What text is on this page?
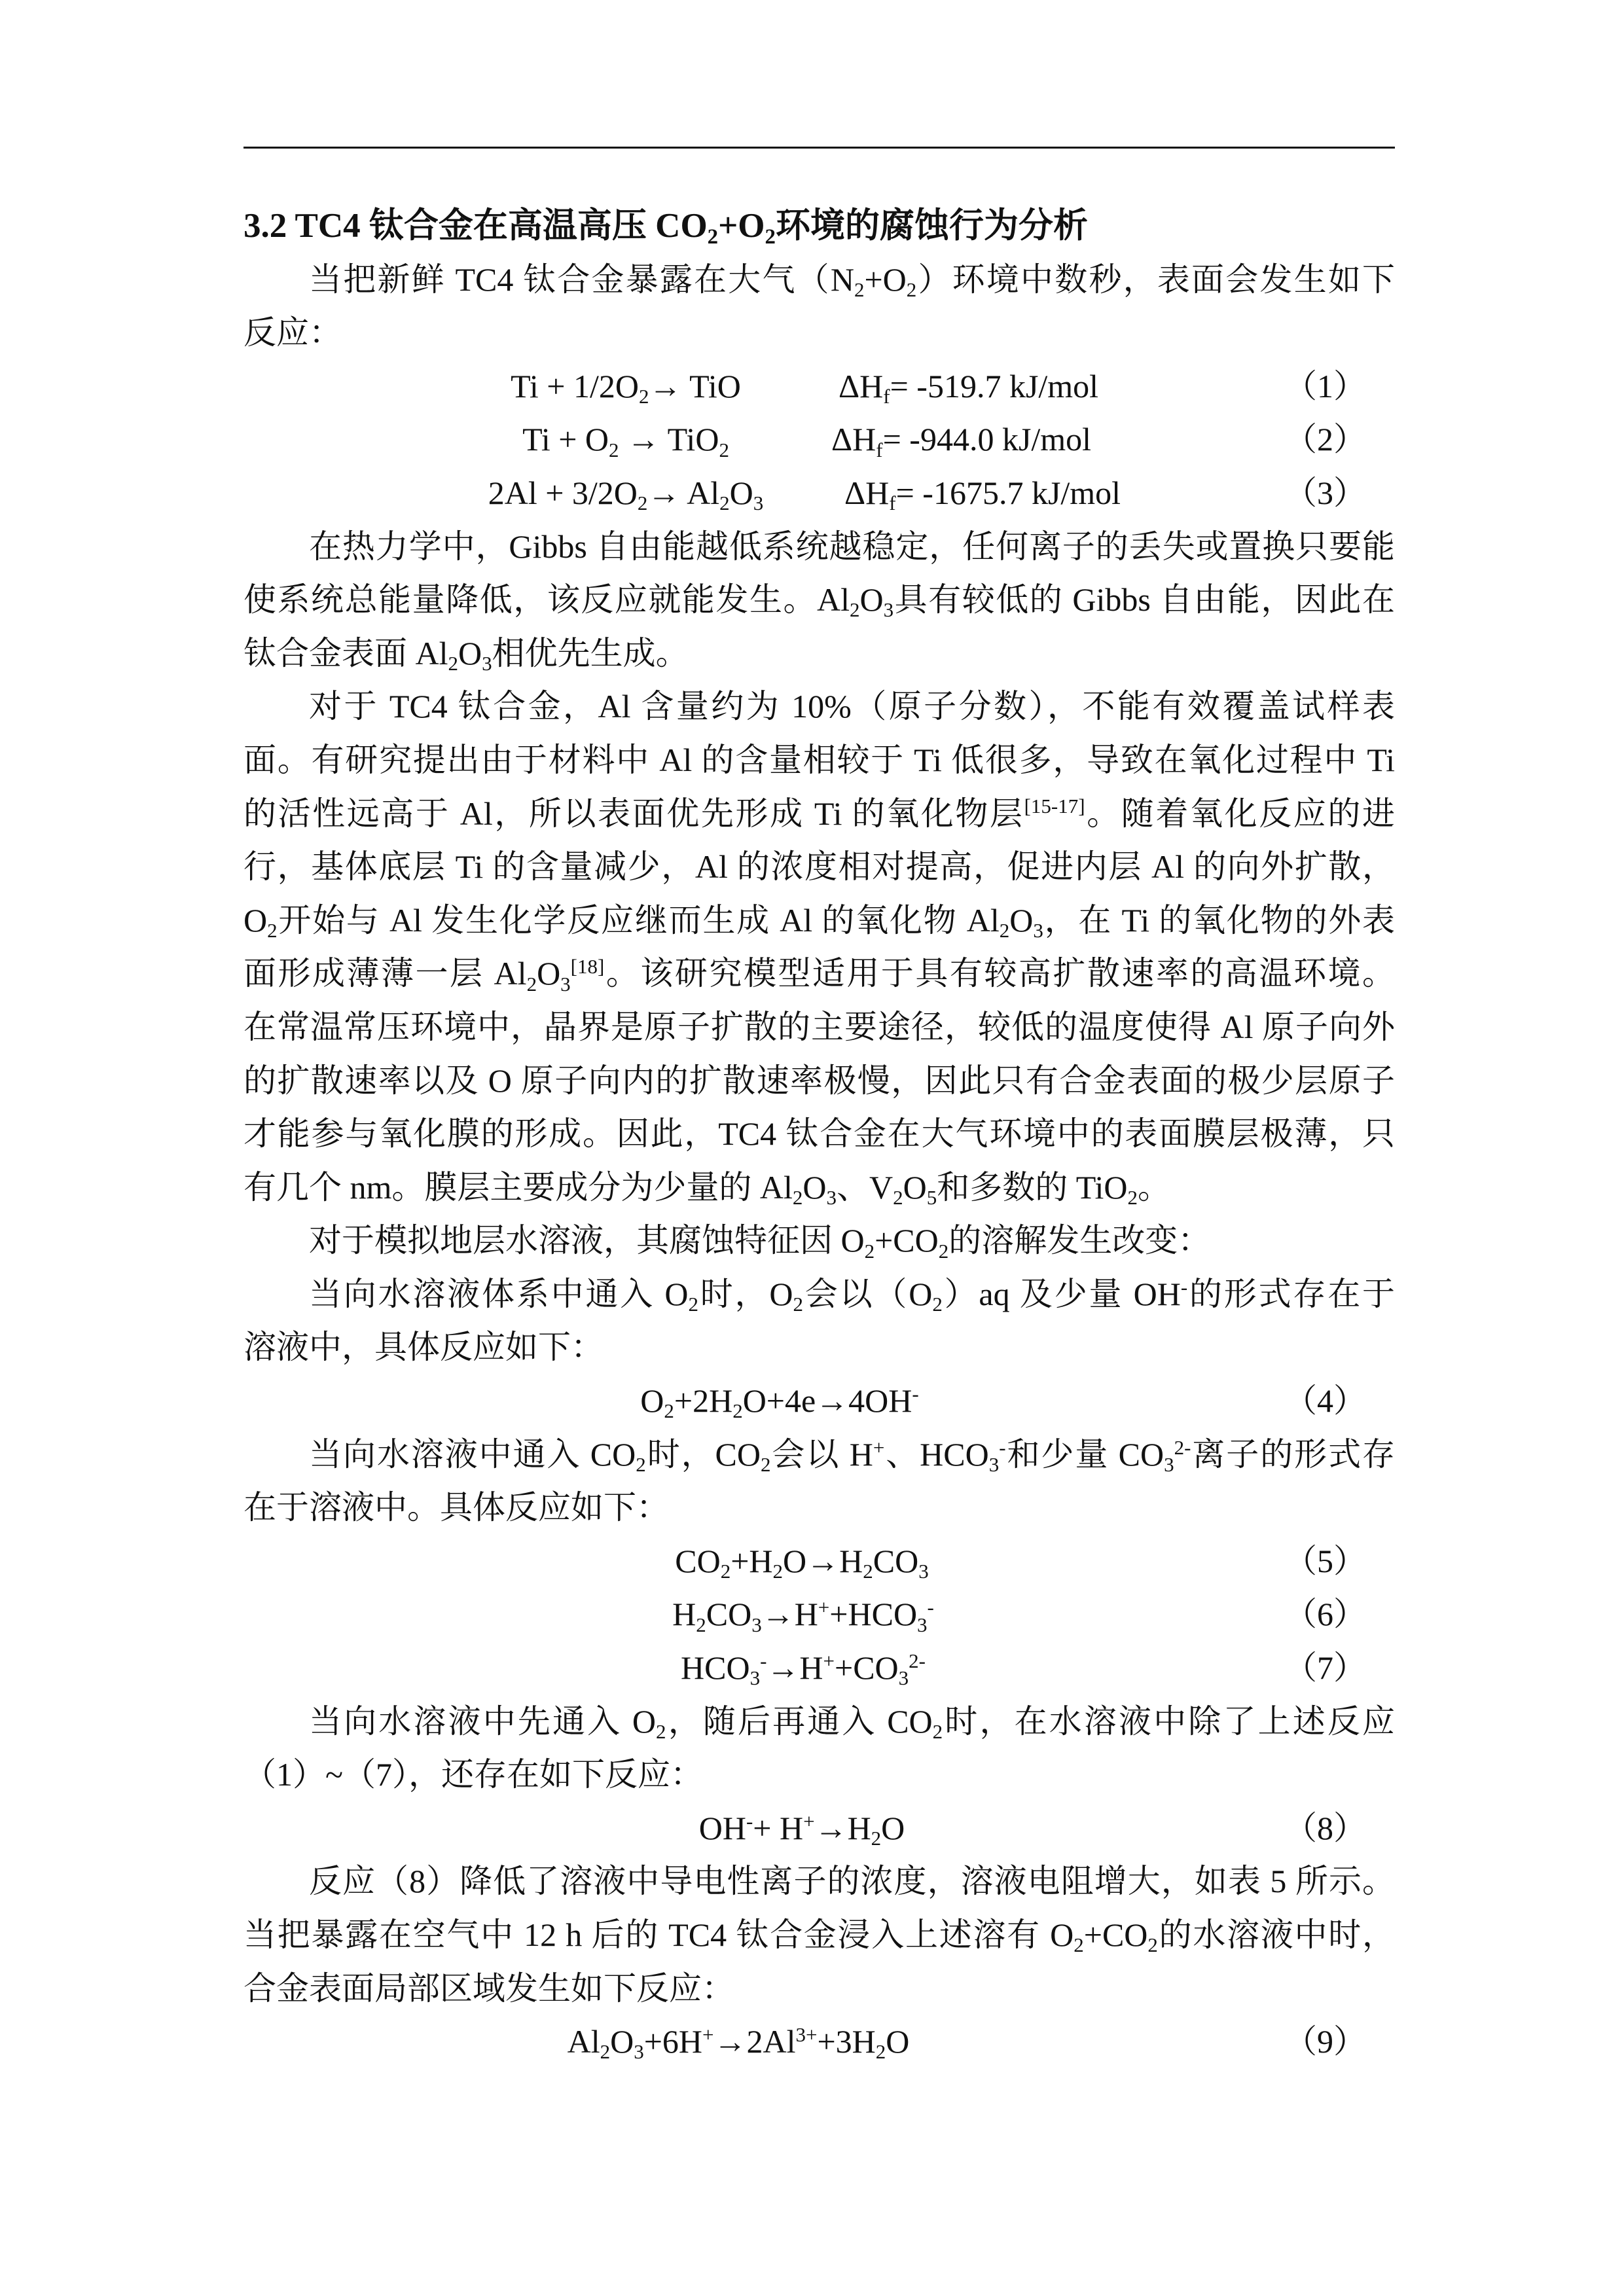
3.2 TC4 钛合金在高温高压 CO2+O2环境的腐蚀行为分析
当把新鲜 TC4 钛合金暴露在大气（N2+O2）环境中数秒，表面会发生如下
反应：
Ti + 1/2O2→ TiO	ΔHf= -519.7 kJ/mol	（1）
Ti + O2 → TiO2	ΔHf= -944.0 kJ/mol	（2）
2Al + 3/2O2→ Al2O3 ΔHf= -1675.7 kJ/mol	（3）
在热力学中，Gibbs 自由能越低系统越稳定，任何离子的丢失或置换只要能
使系统总能量降低，该反应就能发生。Al2O3具有较低的 Gibbs 自由能，因此在
钛合金表面 Al2O3相优先生成。
对于 TC4 钛合金，Al 含量约为 10%（原子分数），不能有效覆盖试样表
面。有研究提出由于材料中 Al 的含量相较于 Ti 低很多，导致在氧化过程中 Ti
的活性远高于 Al，所以表面优先形成 Ti 的氧化物层[15-17]。随着氧化反应的进
行，基体底层 Ti 的含量减少，Al 的浓度相对提高，促进内层 Al 的向外扩散，
O2开始与 Al 发生化学反应继而生成 Al 的氧化物 Al2O3，在 Ti 的氧化物的外表
面形成薄薄一层 Al2O3[18]。该研究模型适用于具有较高扩散速率的高温环境。
在常温常压环境中，晶界是原子扩散的主要途径，较低的温度使得 Al 原子向外
的扩散速率以及 O 原子向内的扩散速率极慢，因此只有合金表面的极少层原子
才能参与氧化膜的形成。因此，TC4 钛合金在大气环境中的表面膜层极薄，只
有几个 nm。膜层主要成分为少量的 Al2O3、V2O5和多数的 TiO2。
对于模拟地层水溶液，其腐蚀特征因 O2+CO2的溶解发生改变：
当向水溶液体系中通入 O2时，O2会以（O2）aq 及少量 OH-的形式存在于
溶液中，具体反应如下：
O2+2H2O+4e→4OH-	（4）
当向水溶液中通入 CO2时，CO2会以 H+、HCO3-和少量 $CO3^{2-}$离子的形式存
在于溶液中。具体反应如下：
CO2+H2O→H2CO3	（5）
H2CO3→H++HCO3-	（6）
$HCO3^-\to H^++CO3^{2-}$	（7）
当向水溶液中先通入 O2，随后再通入 CO2时，在水溶液中除了上述反应
（1）~（7），还存在如下反应：
OH-+ H+→H2O	（8）
反应（8）降低了溶液中导电性离子的浓度，溶液电阻增大，如表 5 所示。
当把暴露在空气中 12 h 后的 TC4 钛合金浸入上述溶有 O2+CO2的水溶液中时，
合金表面局部区域发生如下反应：
$Al2O3+6H^+\to 2Al^{3+}+3H2O$	（9）
